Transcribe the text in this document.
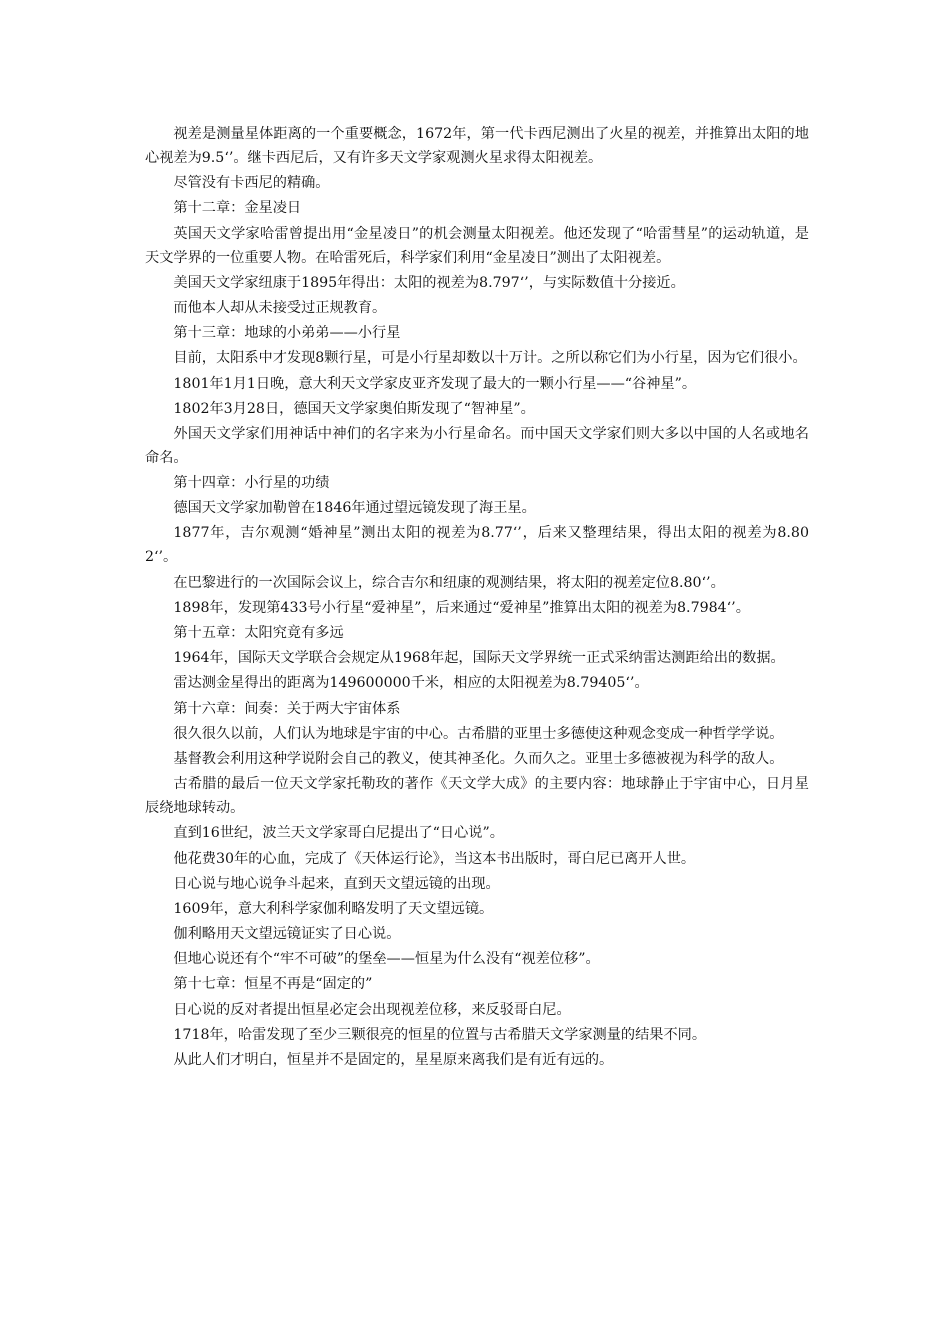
视差是测量星体距离的一个重要概念，1672年，第一代卡西尼测出了火星的视差，并推算出太阳的地心视差为9.5‘’。继卡西尼后，又有许多天文学家观测火星求得太阳视差。

尽管没有卡西尼的精确。

第十二章：金星凌日

英国天文学家哈雷曾提出用“金星凌日”的机会测量太阳视差。他还发现了“哈雷彗星”的运动轨道，是天文学界的一位重要人物。在哈雷死后，科学家们利用“金星凌日”测出了太阳视差。

美国天文学家纽康于1895年得出：太阳的视差为8.797‘’，与实际数值十分接近。

而他本人却从未接受过正规教育。

第十三章：地球的小弟弟——小行星

目前，太阳系中才发现8颗行星，可是小行星却数以十万计。之所以称它们为小行星，因为它们很小。

1801年1月1日晚，意大利天文学家皮亚齐发现了最大的一颗小行星——“谷神星”。

1802年3月28日，德国天文学家奥伯斯发现了“智神星”。

外国天文学家们用神话中神们的名字来为小行星命名。而中国天文学家们则大多以中国的人名或地名命名。

第十四章：小行星的功绩

德国天文学家加勒曾在1846年通过望远镜发现了海王星。

1877年，吉尔观测“婚神星”测出太阳的视差为8.77‘’，后来又整理结果，得出太阳的视差为8.802‘’。

在巴黎进行的一次国际会议上，综合吉尔和纽康的观测结果，将太阳的视差定位8.80‘’。

1898年，发现第433号小行星“爱神星”，后来通过“爱神星”推算出太阳的视差为8.7984‘’。

第十五章：太阳究竟有多远

1964年，国际天文学联合会规定从1968年起，国际天文学界统一正式采纳雷达测距给出的数据。

雷达测金星得出的距离为149600000千米，相应的太阳视差为8.79405‘’。

第十六章：间奏：关于两大宇宙体系

很久很久以前，人们认为地球是宇宙的中心。古希腊的亚里士多德使这种观念变成一种哲学学说。

基督教会利用这种学说附会自己的教义，使其神圣化。久而久之。亚里士多德被视为科学的敌人。

古希腊的最后一位天文学家托勒玫的著作《天文学大成》的主要内容：地球静止于宇宙中心，日月星辰绕地球转动。

直到16世纪，波兰天文学家哥白尼提出了“日心说”。

他花费30年的心血，完成了《天体运行论》，当这本书出版时，哥白尼已离开人世。

日心说与地心说争斗起来，直到天文望远镜的出现。

1609年，意大利科学家伽利略发明了天文望远镜。

伽利略用天文望远镜证实了日心说。

但地心说还有个“牢不可破”的堡垒——恒星为什么没有“视差位移”。

第十七章：恒星不再是“固定的”

日心说的反对者提出恒星必定会出现视差位移，来反驳哥白尼。

1718年，哈雷发现了至少三颗很亮的恒星的位置与古希腊天文学家测量的结果不同。

从此人们才明白，恒星并不是固定的，星星原来离我们是有近有远的。
